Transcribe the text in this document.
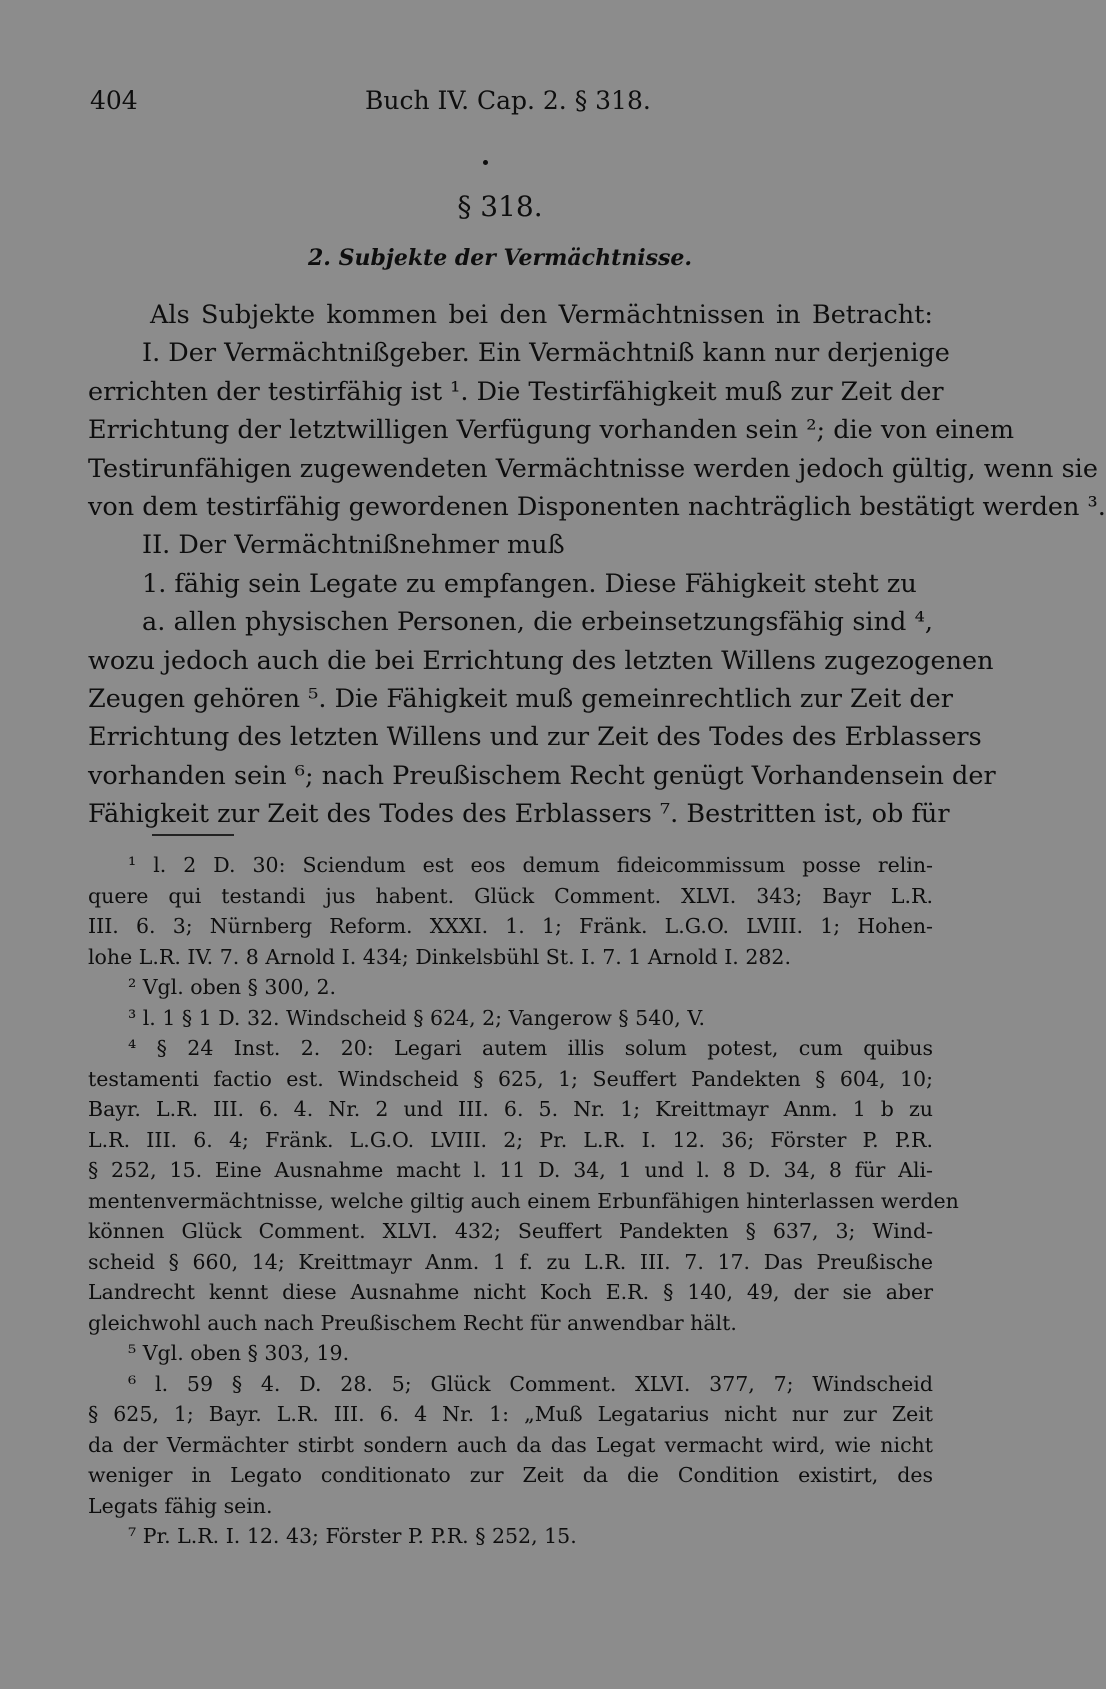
404	Buch IV. Cap. 2. § 318.
§ 318.
2. Subjekte der Vermächtnisse.
Als Subjekte kommen bei den Vermächtnissen in Betracht:
I. Der Vermächtnißgeber. Ein Vermächtniß kann nur derjenige
errichten der testirfähig ist ¹. Die Testirfähigkeit muß zur Zeit der
Errichtung der letztwilligen Verfügung vorhanden sein ²; die von einem
Testirunfähigen zugewendeten Vermächtnisse werden jedoch gültig, wenn sie
von dem testirfähig gewordenen Disponenten nachträglich bestätigt werden ³.
II. Der Vermächtnißnehmer muß
1. fähig sein Legate zu empfangen. Diese Fähigkeit steht zu
a. allen physischen Personen, die erbeinsetzungsfähig sind ⁴,
wozu jedoch auch die bei Errichtung des letzten Willens zugezogenen
Zeugen gehören ⁵. Die Fähigkeit muß gemeinrechtlich zur Zeit der
Errichtung des letzten Willens und zur Zeit des Todes des Erblassers
vorhanden sein ⁶; nach Preußischem Recht genügt Vorhandensein der
Fähigkeit zur Zeit des Todes des Erblassers ⁷. Bestritten ist, ob für
¹ l. 2 D. 30: Sciendum est eos demum fideicommissum posse relin-
quere qui testandi jus habent. Glück Comment. XLVI. 343; Bayr L.R.
III. 6. 3; Nürnberg Reform. XXXI. 1. 1; Fränk. L.G.O. LVIII. 1; Hohen-
lohe L.R. IV. 7. 8 Arnold I. 434; Dinkelsbühl St. I. 7. 1 Arnold I. 282.
² Vgl. oben § 300, 2.
³ l. 1 § 1 D. 32. Windscheid § 624, 2; Vangerow § 540, V.
⁴ § 24 Inst. 2. 20: Legari autem illis solum potest, cum quibus
testamenti factio est. Windscheid § 625, 1; Seuffert Pandekten § 604, 10;
Bayr. L.R. III. 6. 4. Nr. 2 und III. 6. 5. Nr. 1; Kreittmayr Anm. 1 b zu
L.R. III. 6. 4; Fränk. L.G.O. LVIII. 2; Pr. L.R. I. 12. 36; Förster P. P.R.
§ 252, 15. Eine Ausnahme macht l. 11 D. 34, 1 und l. 8 D. 34, 8 für Ali-
mentenvermächtnisse, welche giltig auch einem Erbunfähigen hinterlassen werden
können Glück Comment. XLVI. 432; Seuffert Pandekten § 637, 3; Wind-
scheid § 660, 14; Kreittmayr Anm. 1 f. zu L.R. III. 7. 17. Das Preußische
Landrecht kennt diese Ausnahme nicht Koch E.R. § 140, 49, der sie aber
gleichwohl auch nach Preußischem Recht für anwendbar hält.
⁵ Vgl. oben § 303, 19.
⁶ l. 59 § 4. D. 28. 5; Glück Comment. XLVI. 377, 7; Windscheid
§ 625, 1; Bayr. L.R. III. 6. 4 Nr. 1: „Muß Legatarius nicht nur zur Zeit
da der Vermächter stirbt sondern auch da das Legat vermacht wird, wie nicht
weniger in Legato conditionato zur Zeit da die Condition existirt, des
Legats fähig sein.
⁷ Pr. L.R. I. 12. 43; Förster P. P.R. § 252, 15.
